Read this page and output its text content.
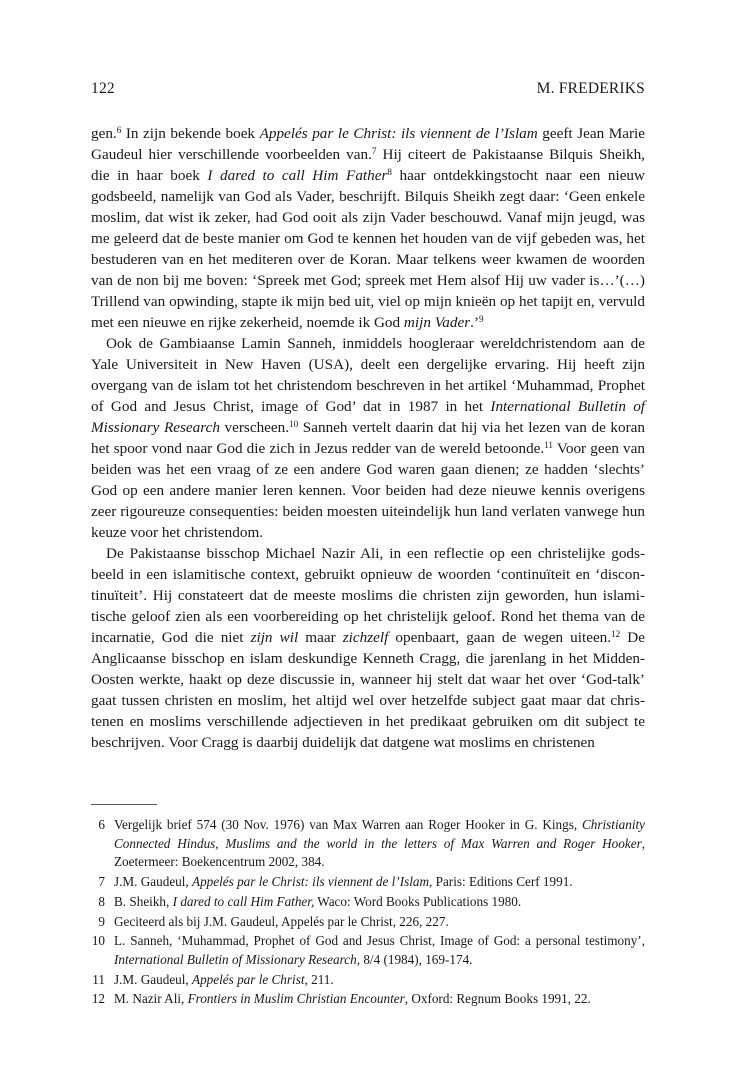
122	M. FREDERIKS

gen.$^6$ In zijn bekende boek Appelés par le Christ: ils viennent de l’Islam geeft Jean Marie Gaudeul hier verschillende voorbeelden van.$^7$ Hij citeert de Pakistaanse Bilquis Sheikh, die in haar boek I dared to call Him Father$^8$ haar ontdekkingstocht naar een nieuw godsbeeld, namelijk van God als Vader, beschrijft. Bilquis Sheikh zegt daar: ‘Geen enkele moslim, dat wist ik zeker, had God ooit als zijn Vader beschouwd. Vanaf mijn jeugd, was me geleerd dat de beste manier om God te kennen het houden van de vijf gebeden was, het bestuderen van en het mediteren over de Koran. Maar telkens weer kwamen de woorden van de non bij me boven: ‘Spreek met God; spreek met Hem alsof Hij uw vader is…’(…) Trillend van opwinding, stapte ik mijn bed uit, viel op mijn knieën op het tapijt en, vervuld met een nieuwe en rijke zekerheid, noemde ik God mijn Vader.’$^9$

Ook de Gambiaanse Lamin Sanneh, inmiddels hoogleraar wereldchristendom aan de Yale Universiteit in New Haven (USA), deelt een dergelijke ervaring. Hij heeft zijn overgang van de islam tot het christendom beschreven in het artikel ‘Muhammad, Prophet of God and Jesus Christ, image of God’ dat in 1987 in het International Bulletin of Missionary Research verscheen.$^{10}$ Sanneh vertelt daarin dat hij via het lezen van de koran het spoor vond naar God die zich in Jezus redder van de wereld betoonde.$^{11}$ Voor geen van beiden was het een vraag of ze een andere God waren gaan dienen; ze hadden ‘slechts’ God op een andere manier leren kennen. Voor beiden had deze nieuwe kennis overigens zeer rigoureuze consequenties: beiden moesten uiteindelijk hun land verlaten vanwege hun keuze voor het christendom.

De Pakistaanse bisschop Michael Nazir Ali, in een reflectie op een christelijke godsbeeld in een islamitische context, gebruikt opnieuw de woorden ‘continuïteit en ‘discontinuïteit’. Hij constateert dat de meeste moslims die christen zijn geworden, hun islamitische geloof zien als een voorbereiding op het christelijk geloof. Rond het thema van de incarnatie, God die niet zijn wil maar zichzelf openbaart, gaan de wegen uiteen.$^{12}$ De Anglicaanse bisschop en islam deskundige Kenneth Cragg, die jarenlang in het Midden-Oosten werkte, haakt op deze discussie in, wanneer hij stelt dat waar het over ‘God-talk’ gaat tussen christen en moslim, het altijd wel over hetzelfde subject gaat maar dat christenen en moslims verschillende adjectieven in het predikaat gebruiken om dit subject te beschrijven. Voor Cragg is daarbij duidelijk dat datgene wat moslims en christenen

6 Vergelijk brief 574 (30 Nov. 1976) van Max Warren aan Roger Hooker in G. Kings, Christianity Connected Hindus, Muslims and the world in the letters of Max Warren and Roger Hooker, Zoetermeer: Boekencentrum 2002, 384.
7 J.M. Gaudeul, Appelés par le Christ: ils viennent de l’Islam, Paris: Editions Cerf 1991.
8 B. Sheikh, I dared to call Him Father, Waco: Word Books Publications 1980.
9 Geciteerd als bij J.M. Gaudeul, Appelés par le Christ, 226, 227.
10 L. Sanneh, ‘Muhammad, Prophet of God and Jesus Christ, Image of God: a personal testimony’, International Bulletin of Missionary Research, 8/4 (1984), 169-174.
11 J.M. Gaudeul, Appelés par le Christ, 211.
12 M. Nazir Ali, Frontiers in Muslim Christian Encounter, Oxford: Regnum Books 1991, 22.
